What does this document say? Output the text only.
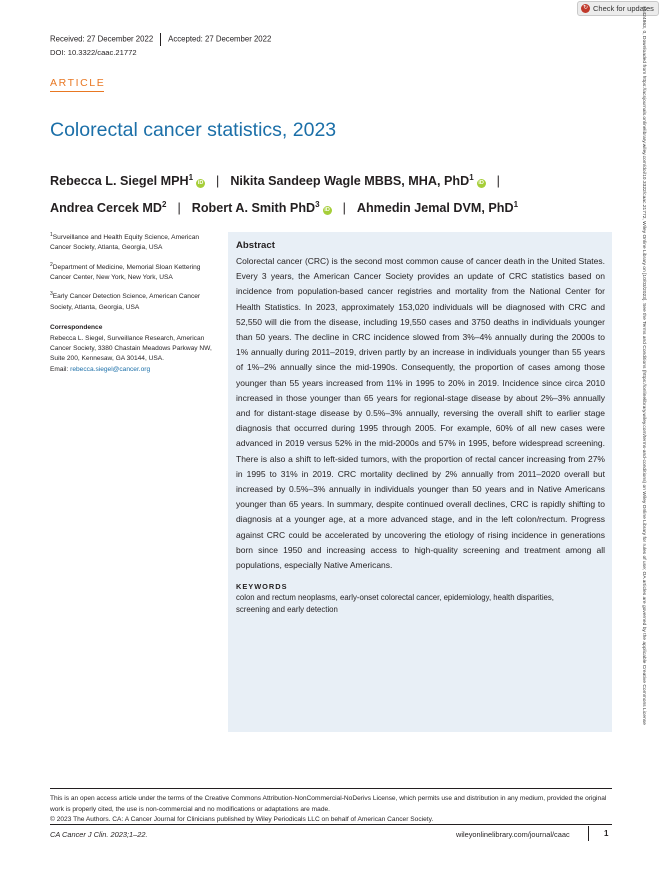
↻ Check for updates
15424863, 0, Downloaded from https://acsjournals.onlinelibrary.wiley.com/doi/10.3322/caac.21772, Wiley Online Library on [10/03/2023]. See the Terms and Conditions (https://onlinelibrary.wiley.com/terms-and-conditions) on Wiley Online Library for rules of use; OA articles are governed by the applicable Creative Commons License
Received: 27 December 2022 Accepted: 27 December 2022
DOI: 10.3322/caac.21772
ARTICLE
Colorectal cancer statistics, 2023
Rebecca L. Siegel MPH$^1$iD | Nikita Sandeep Wagle MBBS, MHA, PhD$^1$iD |
Andrea Cercek $MD^2$ | Robert A. Smith PhD$^3$iD | Ahmedin Jemal DVM, PhD$^1$

$^1$Surveillance and Health Equity Science, American Cancer Society, Atlanta, Georgia, USA

$^2$Department of Medicine, Memorial Sloan Kettering Cancer Center, New York, New York, USA

$^3$Early Cancer Detection Science, American Cancer Society, Atlanta, Georgia, USA

Correspondence
Rebecca L. Siegel, Surveillance Research, American Cancer Society, 3380 Chastain Meadows Parkway NW, Suite 200, Kennesaw, GA 30144, USA.
Email: rebecca.siegel@cancer.org

Abstract

Colorectal cancer (CRC) is the second most common cause of cancer death in the United States. Every 3 years, the American Cancer Society provides an update of CRC statistics based on incidence from population-based cancer registries and mortality from the National Center for Health Statistics. In 2023, approximately 153,020 individuals will be diagnosed with CRC and 52,550 will die from the disease, including 19,550 cases and 3750 deaths in individuals younger than 50 years. The decline in CRC incidence slowed from 3%–4% annually during the 2000s to 1% annually during 2011–2019, driven partly by an increase in individuals younger than 55 years of 1%–2% annually since the mid-1990s. Consequently, the proportion of cases among those younger than 55 years increased from 11% in 1995 to 20% in 2019. Incidence since circa 2010 increased in those younger than 65 years for regional-stage disease by about 2%–3% annually and for distant-stage disease by 0.5%–3% annually, reversing the overall shift to earlier stage diagnosis that occurred during 1995 through 2005. For example, 60% of all new cases were advanced in 2019 versus 52% in the mid-2000s and 57% in 1995, before widespread screening. There is also a shift to left-sided tumors, with the proportion of rectal cancer increasing from 27% in 1995 to 31% in 2019. CRC mortality declined by 2% annually from 2011–2020 overall but increased by 0.5%–3% annually in individuals younger than 50 years and in Native Americans younger than 65 years. In summary, despite continued overall declines, CRC is rapidly shifting to diagnosis at a younger age, at a more advanced stage, and in the left colon/rectum. Progress against CRC could be accelerated by uncovering the etiology of rising incidence in generations born since 1950 and increasing access to high-quality screening and treatment among all populations, especially Native Americans.

KEYWORDS

colon and rectum neoplasms, early-onset colorectal cancer, epidemiology, health disparities, screening and early detection

This is an open access article under the terms of the Creative Commons Attribution-NonCommercial-NoDerivs License, which permits use and distribution in any medium, provided the original work is properly cited, the use is non-commercial and no modifications or adaptations are made.

© 2023 The Authors. CA: A Cancer Journal for Clinicians published by Wiley Periodicals LLC on behalf of American Cancer Society.

CA Cancer J Clin. 2023;1–22.	wileyonlinelibrary.com/journal/caac	1
